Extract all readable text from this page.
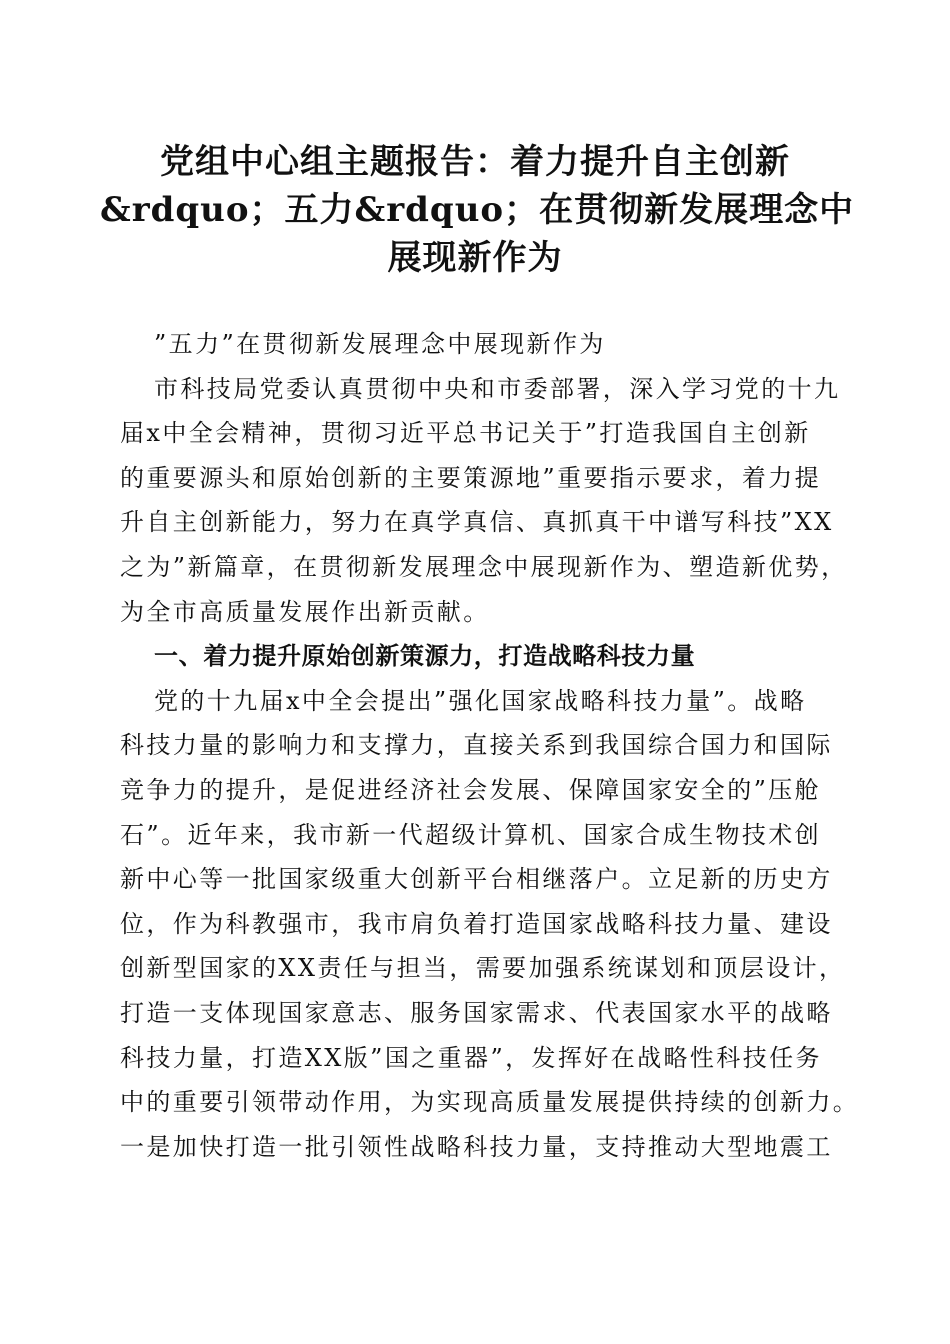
党组中心组主题报告：着力提升自主创新
&rdquo；五力&rdquo；在贯彻新发展理念中
展现新作为
”五力”在贯彻新发展理念中展现新作为
市科技局党委认真贯彻中央和市委部署，深入学习党的十九
届x中全会精神，贯彻习近平总书记关于”打造我国自主创新
的重要源头和原始创新的主要策源地”重要指示要求，着力提
升自主创新能力，努力在真学真信、真抓真干中谱写科技”XX
之为”新篇章，在贯彻新发展理念中展现新作为、塑造新优势，
为全市高质量发展作出新贡献。
一、着力提升原始创新策源力，打造战略科技力量
党的十九届x中全会提出”强化国家战略科技力量”。战略
科技力量的影响力和支撑力，直接关系到我国综合国力和国际
竞争力的提升，是促进经济社会发展、保障国家安全的”压舱
石”。近年来，我市新一代超级计算机、国家合成生物技术创
新中心等一批国家级重大创新平台相继落户。立足新的历史方
位，作为科教强市，我市肩负着打造国家战略科技力量、建设
创新型国家的XX责任与担当，需要加强系统谋划和顶层设计，
打造一支体现国家意志、服务国家需求、代表国家水平的战略
科技力量，打造XX版”国之重器”，发挥好在战略性科技任务
中的重要引领带动作用，为实现高质量发展提供持续的创新力。
一是加快打造一批引领性战略科技力量，支持推动大型地震工
